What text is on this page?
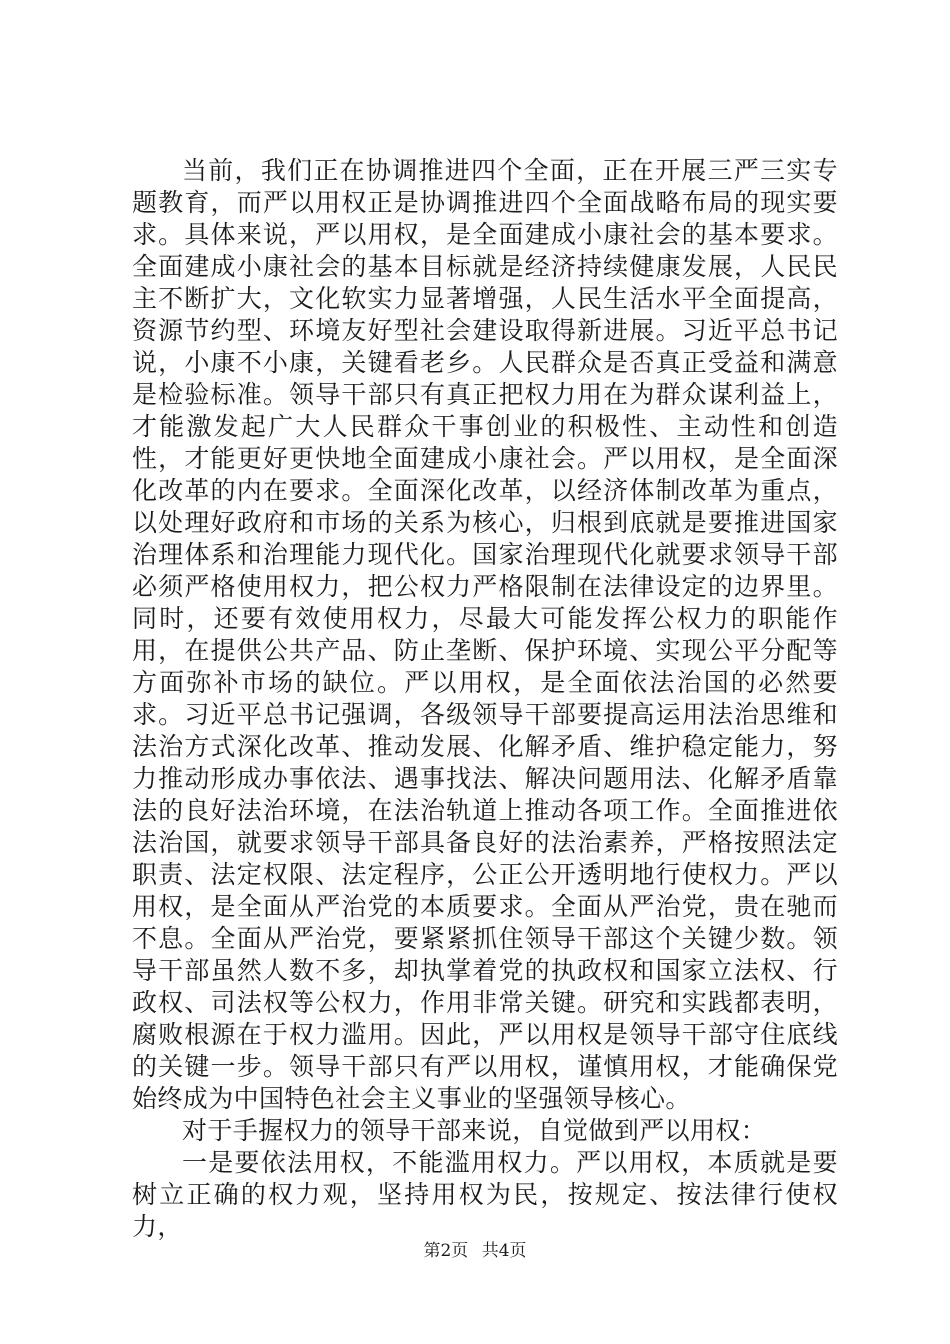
当前，我们正在协调推进四个全面，正在开展三严三实专题教育，而严以用权正是协调推进四个全面战略布局的现实要求。具体来说，严以用权，是全面建成小康社会的基本要求。全面建成小康社会的基本目标就是经济持续健康发展，人民民主不断扩大，文化软实力显著增强，人民生活水平全面提高，资源节约型、环境友好型社会建设取得新进展。习近平总书记说，小康不小康，关键看老乡。人民群众是否真正受益和满意是检验标准。领导干部只有真正把权力用在为群众谋利益上，才能激发起广大人民群众干事创业的积极性、主动性和创造性，才能更好更快地全面建成小康社会。严以用权，是全面深化改革的内在要求。全面深化改革，以经济体制改革为重点，以处理好政府和市场的关系为核心，归根到底就是要推进国家治理体系和治理能力现代化。国家治理现代化就要求领导干部必须严格使用权力，把公权力严格限制在法律设定的边界里。同时，还要有效使用权力，尽最大可能发挥公权力的职能作用，在提供公共产品、防止垄断、保护环境、实现公平分配等方面弥补市场的缺位。严以用权，是全面依法治国的必然要求。习近平总书记强调，各级领导干部要提高运用法治思维和法治方式深化改革、推动发展、化解矛盾、维护稳定能力，努力推动形成办事依法、遇事找法、解决问题用法、化解矛盾靠法的良好法治环境，在法治轨道上推动各项工作。全面推进依法治国，就要求领导干部具备良好的法治素养，严格按照法定职责、法定权限、法定程序，公正公开透明地行使权力。严以用权，是全面从严治党的本质要求。全面从严治党，贵在驰而不息。全面从严治党，要紧紧抓住领导干部这个关键少数。领导干部虽然人数不多，却执掌着党的执政权和国家立法权、行政权、司法权等公权力，作用非常关键。研究和实践都表明，腐败根源在于权力滥用。因此，严以用权是领导干部守住底线的关键一步。领导干部只有严以用权，谨慎用权，才能确保党始终成为中国特色社会主义事业的坚强领导核心。

对于手握权力的领导干部来说，自觉做到严以用权：

一是要依法用权，不能滥用权力。严以用权，本质就是要树立正确的权力观，坚持用权为民，按规定、按法律行使权力，

第2页 共4页
